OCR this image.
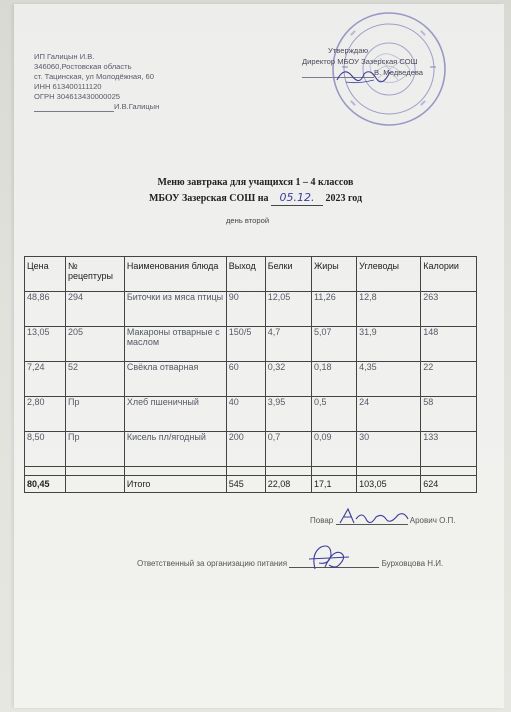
ИП Галицын И.В.
346060,Ростовская область
ст. Тацинская, ул Молодёжная, 60
ИНН 613400111120
ОГРН 304613430000025
И.В.Галицын
Утверждаю
Директор МБОУ Зазерская СОШ
В. Медведева
Меню завтрака для учащихся 1 – 4 классов
МБОУ Зазерская СОШ на 05.12. 2023 год
день второй
Цена	№ рецептуры	Наименования блюда	Выход	Белки	Жиры	Углеводы	Калории
48,86	294	Биточки из мяса птицы	90	12,05	11,26	12,8	263
13,05	205	Макароны отварные с маслом	150/5	4,7	5,07	31,9	148
7,24	52	Свёкла отварная	60	0,32	0,18	4,35	22
2,80	Пр	Хлеб пшеничный	40	3,95	0,5	24	58
8,50	Пр	Кисель пл/ягодный	200	0,7	0,09	30	133

80,45		Итого	545	22,08	17,1	103,05	624
Повар	Арович О.П.
Ответственный за организацию питания	Бурховцова Н.И.
